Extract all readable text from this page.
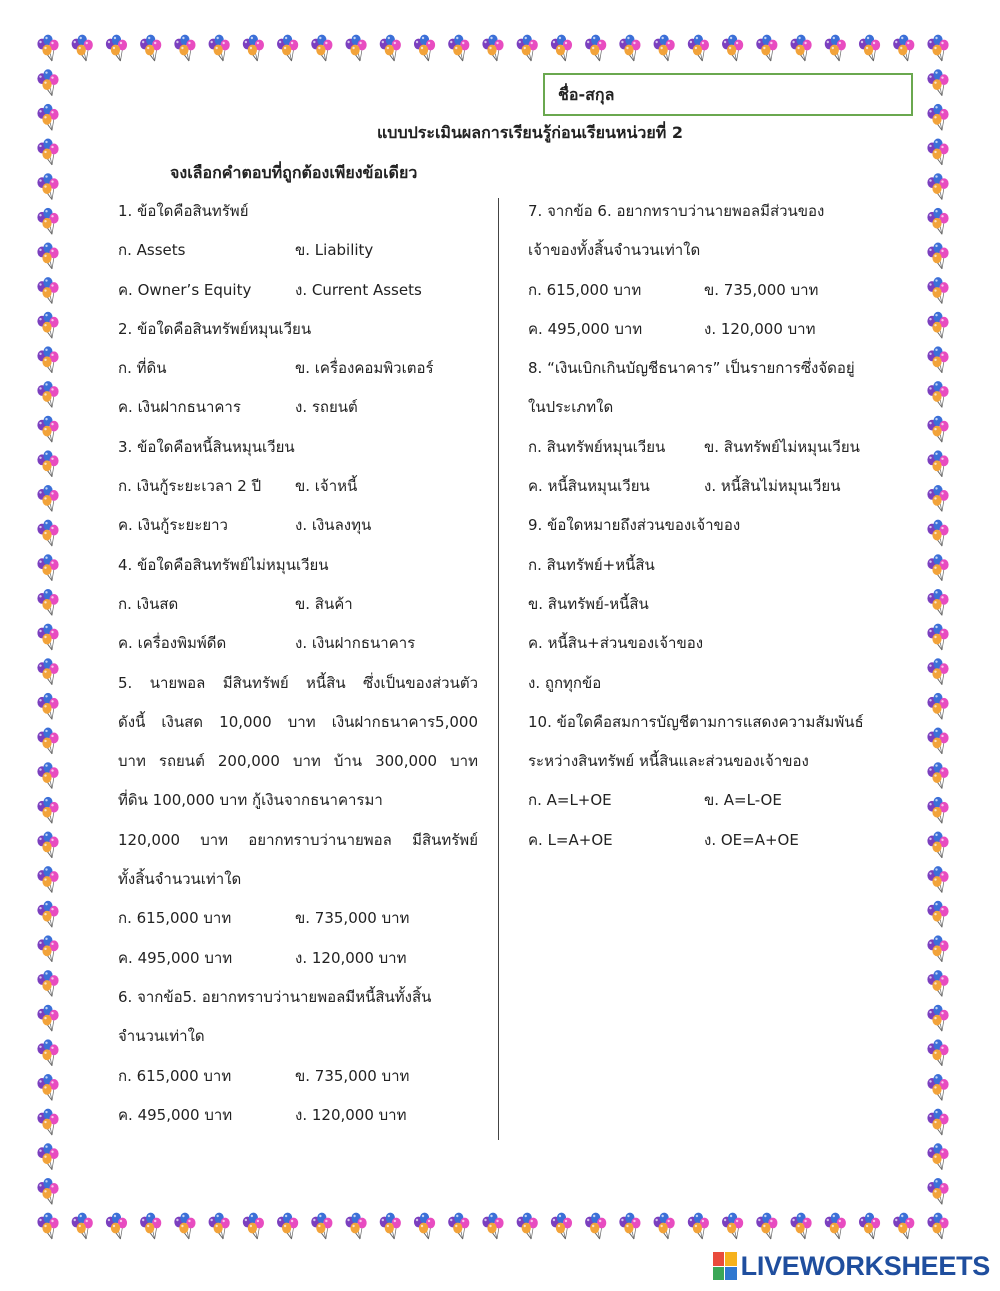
ชื่อ-สกุล
แบบประเมินผลการเรียนรู้ก่อนเรียนหน่วยที่ 2
จงเลือกคำตอบที่ถูกต้องเพียงข้อเดียว
1. ข้อใดคือสินทรัพย์
ก. Assets	ข. Liability
ค. Owner’s Equity	ง. Current Assets
2. ข้อใดคือสินทรัพย์หมุนเวียน
ก. ที่ดิน	ข. เครื่องคอมพิวเตอร์
ค. เงินฝากธนาคาร	ง. รถยนต์
3. ข้อใดคือหนี้สินหมุนเวียน
ก. เงินกู้ระยะเวลา 2 ปี ข. เจ้าหนี้
ค. เงินกู้ระยะยาว	ง. เงินลงทุน
4. ข้อใดคือสินทรัพย์ไม่หมุนเวียน
ก. เงินสด	ข. สินค้า
ค. เครื่องพิมพ์ดีด	ง. เงินฝากธนาคาร
5. นายพอล มีสินทรัพย์ หนี้สิน ซึ่งเป็นของส่วนตัว
ดังนี้ เงินสด 10,000 บาท เงินฝากธนาคาร5,000
บาท รถยนต์ 200,000 บาท บ้าน 300,000 บาท
ที่ดิน 100,000 บาท กู้เงินจากธนาคารมา
120,000 บาท อยากทราบว่านายพอล มีสินทรัพย์
ทั้งสิ้นจำนวนเท่าใด
ก. 615,000 บาท	ข. 735,000 บาท
ค. 495,000 บาท	ง. 120,000 บาท
6. จากข้อ5. อยากทราบว่านายพอลมีหนี้สินทั้งสิ้น
จำนวนเท่าใด
ก. 615,000 บาท	ข. 735,000 บาท
ค. 495,000 บาท	ง. 120,000 บาท
7. จากข้อ 6. อยากทราบว่านายพอลมีส่วนของ
เจ้าของทั้งสิ้นจำนวนเท่าใด
ก. 615,000 บาท	ข. 735,000 บาท
ค. 495,000 บาท	ง. 120,000 บาท
8. “เงินเบิกเกินบัญชีธนาคาร” เป็นรายการซึ่งจัดอยู่
ในประเภทใด
ก. สินทรัพย์หมุนเวียน	ข. สินทรัพย์ไม่หมุนเวียน
ค. หนี้สินหมุนเวียน	ง. หนี้สินไม่หมุนเวียน
9. ข้อใดหมายถึงส่วนของเจ้าของ
ก. สินทรัพย์+หนี้สิน
ข. สินทรัพย์-หนี้สิน
ค. หนี้สิน+ส่วนของเจ้าของ
ง. ถูกทุกข้อ
10. ข้อใดคือสมการบัญชีตามการแสดงความสัมพันธ์
ระหว่างสินทรัพย์ หนี้สินและส่วนของเจ้าของ
ก. A=L+OE	ข. A=L-OE
ค. L=A+OE	ง. OE=A+OE
LIVEWORKSHEETS
